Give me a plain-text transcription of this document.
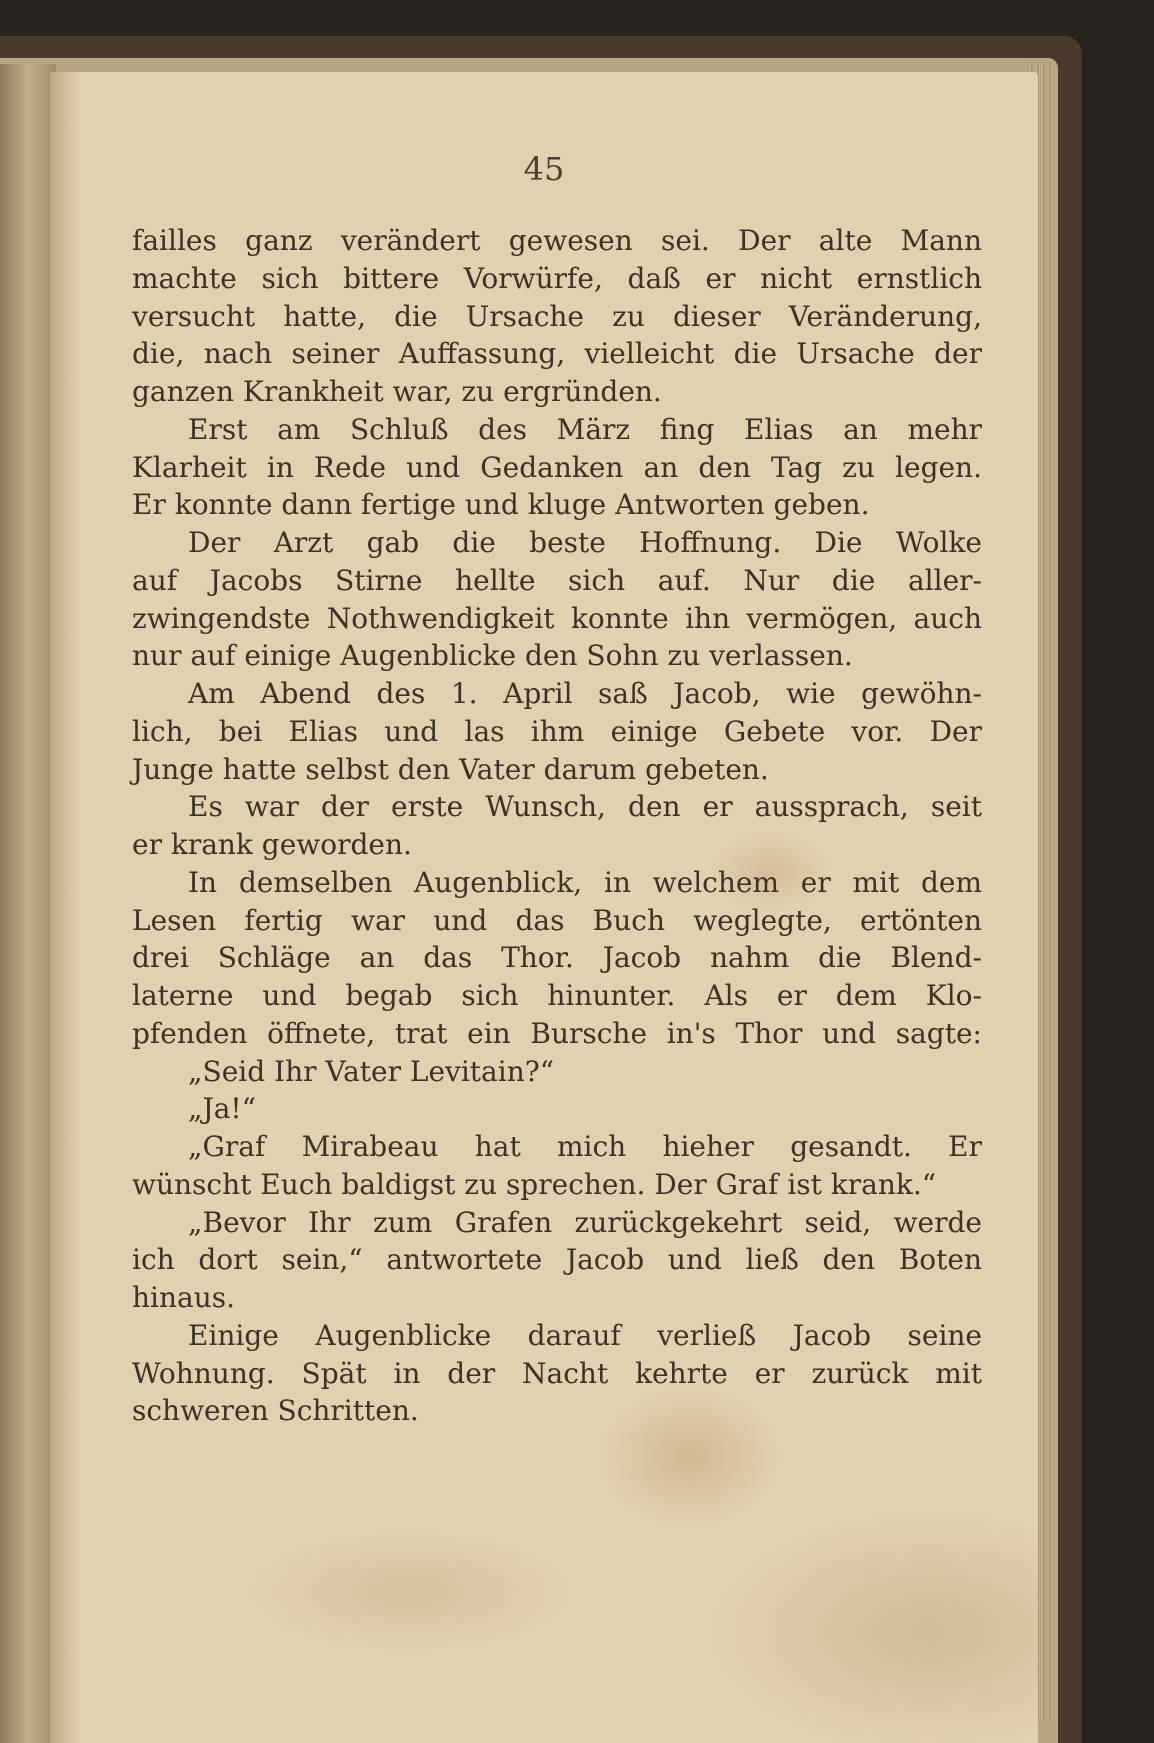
45
failles ganz verändert gewesen sei. Der alte Mann
machte sich bittere Vorwürfe, daß er nicht ernstlich
versucht hatte, die Ursache zu dieser Veränderung,
die, nach seiner Auffassung, vielleicht die Ursache der
ganzen Krankheit war, zu ergründen.
Erst am Schluß des März fing Elias an mehr
Klarheit in Rede und Gedanken an den Tag zu legen.
Er konnte dann fertige und kluge Antworten geben.
Der Arzt gab die beste Hoffnung. Die Wolke
auf Jacobs Stirne hellte sich auf. Nur die aller-
zwingendste Nothwendigkeit konnte ihn vermögen, auch
nur auf einige Augenblicke den Sohn zu verlassen.
Am Abend des 1. April saß Jacob, wie gewöhn-
lich, bei Elias und las ihm einige Gebete vor. Der
Junge hatte selbst den Vater darum gebeten.
Es war der erste Wunsch, den er aussprach, seit
er krank geworden.
In demselben Augenblick, in welchem er mit dem
Lesen fertig war und das Buch weglegte, ertönten
drei Schläge an das Thor. Jacob nahm die Blend-
laterne und begab sich hinunter. Als er dem Klo-
pfenden öffnete, trat ein Bursche in's Thor und sagte:
„Seid Ihr Vater Levitain?“
„Ja!“
„Graf Mirabeau hat mich hieher gesandt. Er
wünscht Euch baldigst zu sprechen. Der Graf ist krank.“
„Bevor Ihr zum Grafen zurückgekehrt seid, werde
ich dort sein,“ antwortete Jacob und ließ den Boten
hinaus.
Einige Augenblicke darauf verließ Jacob seine
Wohnung. Spät in der Nacht kehrte er zurück mit
schweren Schritten.
